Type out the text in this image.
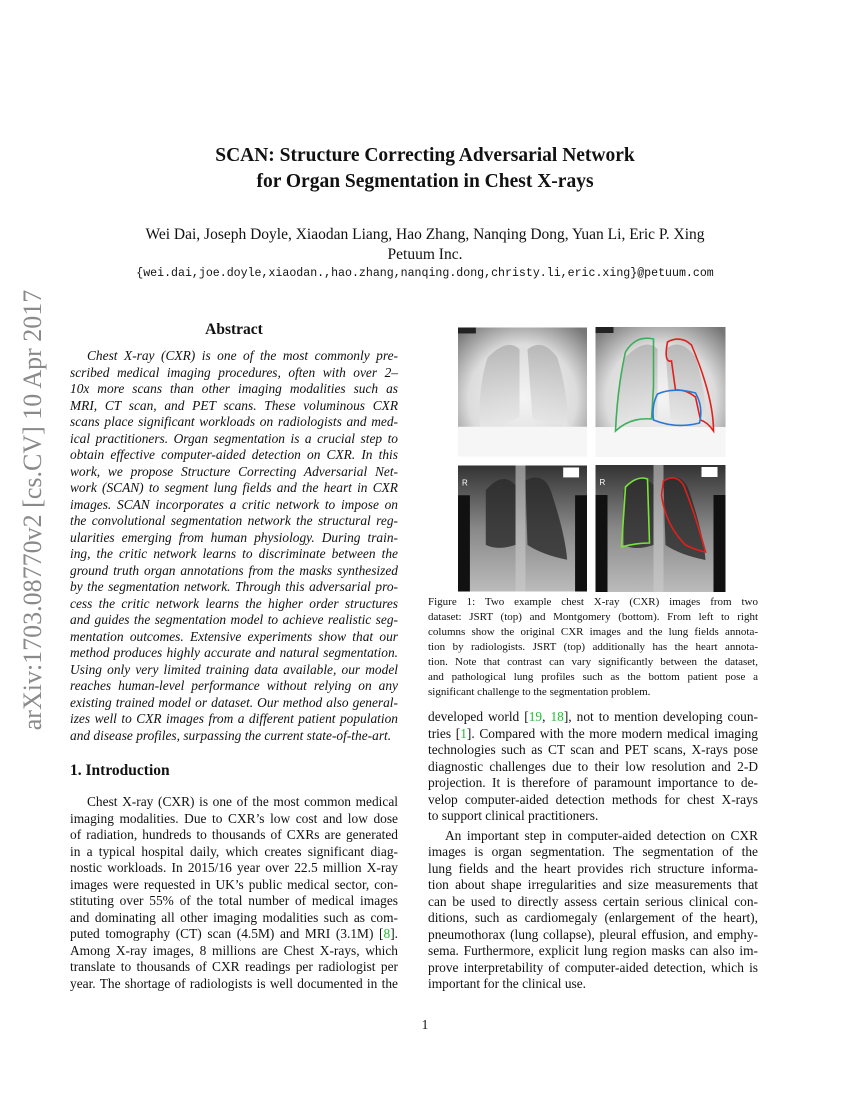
arXiv:1703.08770v2 [cs.CV] 10 Apr 2017
SCAN: Structure Correcting Adversarial Network
for Organ Segmentation in Chest X-rays
Wei Dai, Joseph Doyle, Xiaodan Liang, Hao Zhang, Nanqing Dong, Yuan Li, Eric P. Xing
Petuum Inc.
{wei.dai,joe.doyle,xiaodan.,hao.zhang,nanqing.dong,christy.li,eric.xing}@petuum.com
Abstract
Chest X-ray (CXR) is one of the most commonly pre-
scribed medical imaging procedures, often with over 2–
10x more scans than other imaging modalities such as
MRI, CT scan, and PET scans. These voluminous CXR
scans place significant workloads on radiologists and med-
ical practitioners. Organ segmentation is a crucial step to
obtain effective computer-aided detection on CXR. In this
work, we propose Structure Correcting Adversarial Net-
work (SCAN) to segment lung fields and the heart in CXR
images. SCAN incorporates a critic network to impose on
the convolutional segmentation network the structural reg-
ularities emerging from human physiology. During train-
ing, the critic network learns to discriminate between the
ground truth organ annotations from the masks synthesized
by the segmentation network. Through this adversarial pro-
cess the critic network learns the higher order structures
and guides the segmentation model to achieve realistic seg-
mentation outcomes. Extensive experiments show that our
method produces highly accurate and natural segmentation.
Using only very limited training data available, our model
reaches human-level performance without relying on any
existing trained model or dataset. Our method also general-
izes well to CXR images from a different patient population
and disease profiles, surpassing the current state-of-the-art.
1. Introduction
Chest X-ray (CXR) is one of the most common medical
imaging modalities. Due to CXR’s low cost and low dose
of radiation, hundreds to thousands of CXRs are generated
in a typical hospital daily, which creates significant diag-
nostic workloads. In 2015/16 year over 22.5 million X-ray
images were requested in UK’s public medical sector, con-
stituting over 55% of the total number of medical images
and dominating all other imaging modalities such as com-
puted tomography (CT) scan (4.5M) and MRI (3.1M) [8].
Among X-ray images, 8 millions are Chest X-rays, which
translate to thousands of CXR readings per radiologist per
year. The shortage of radiologists is well documented in the
R	R
Figure 1: Two example chest X-ray (CXR) images from two
dataset: JSRT (top) and Montgomery (bottom). From left to right
columns show the original CXR images and the lung fields annota-
tion by radiologists. JSRT (top) additionally has the heart annota-
tion. Note that contrast can vary significantly between the dataset,
and pathological lung profiles such as the bottom patient pose a
significant challenge to the segmentation problem.
developed world [19, 18], not to mention developing coun-
tries [1]. Compared with the more modern medical imaging
technologies such as CT scan and PET scans, X-rays pose
diagnostic challenges due to their low resolution and 2-D
projection. It is therefore of paramount importance to de-
velop computer-aided detection methods for chest X-rays
to support clinical practitioners.
An important step in computer-aided detection on CXR
images is organ segmentation. The segmentation of the
lung fields and the heart provides rich structure informa-
tion about shape irregularities and size measurements that
can be used to directly assess certain serious clinical con-
ditions, such as cardiomegaly (enlargement of the heart),
pneumothorax (lung collapse), pleural effusion, and emphy-
sema. Furthermore, explicit lung region masks can also im-
prove interpretability of computer-aided detection, which is
important for the clinical use.
1
